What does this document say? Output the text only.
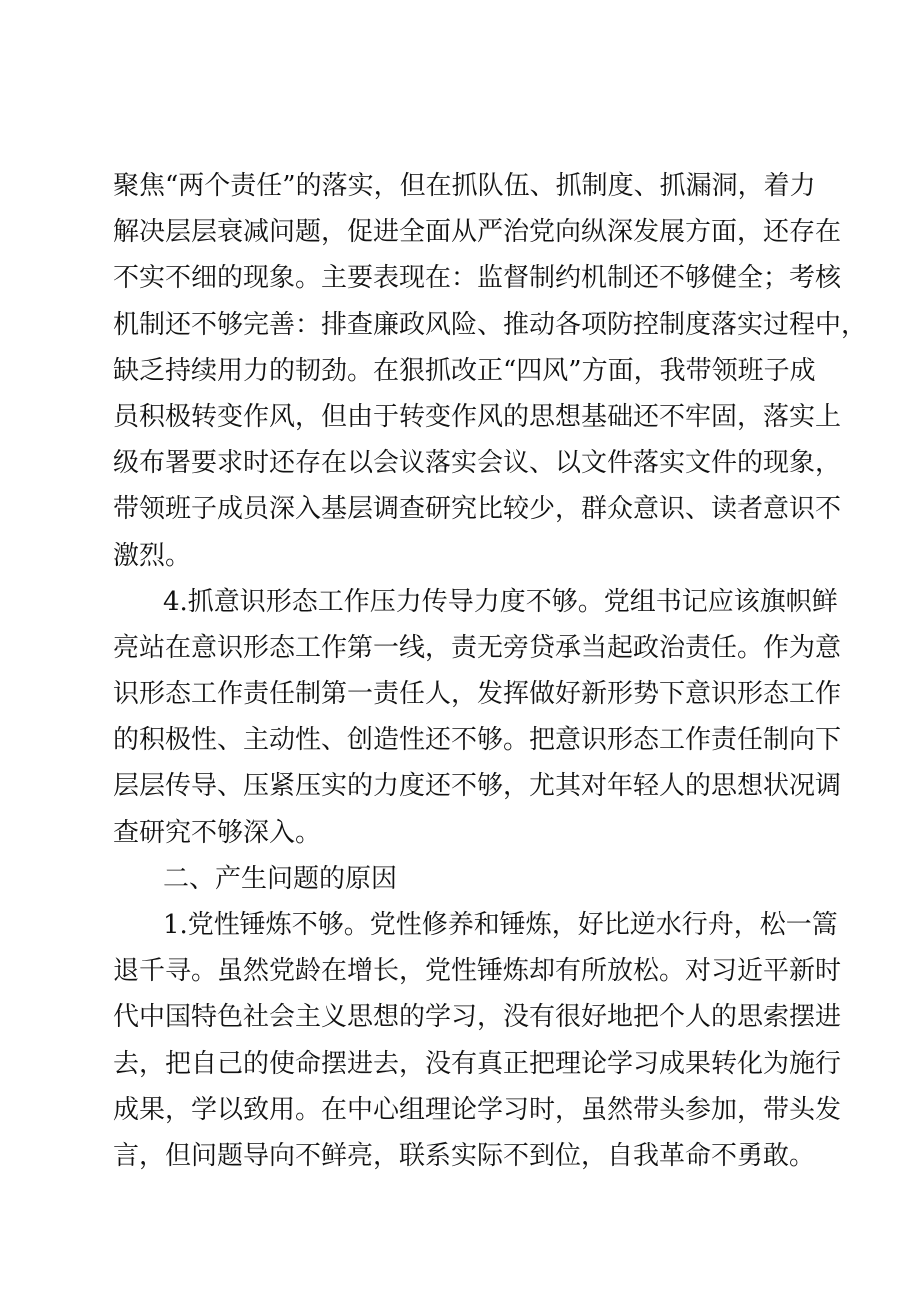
聚焦“两个责任”的落实，但在抓队伍、抓制度、抓漏洞，着力
解决层层衰减问题，促进全面从严治党向纵深发展方面，还存在
不实不细的现象。主要表现在：监督制约机制还不够健全；考核
机制还不够完善：排查廉政风险、推动各项防控制度落实过程中，
缺乏持续用力的韧劲。在狠抓改正“四风”方面，我带领班子成
员积极转变作风，但由于转变作风的思想基础还不牢固，落实上
级布署要求时还存在以会议落实会议、以文件落实文件的现象，
带领班子成员深入基层调查研究比较少，群众意识、读者意识不
激烈。
4.抓意识形态工作压力传导力度不够。党组书记应该旗帜鲜
亮站在意识形态工作第一线，责无旁贷承当起政治责任。作为意
识形态工作责任制第一责任人，发挥做好新形势下意识形态工作
的积极性、主动性、创造性还不够。把意识形态工作责任制向下
层层传导、压紧压实的力度还不够，尤其对年轻人的思想状况调
查研究不够深入。
二、产生问题的原因
1.党性锤炼不够。党性修养和锤炼，好比逆水行舟，松一篙
退千寻。虽然党龄在增长，党性锤炼却有所放松。对习近平新时
代中国特色社会主义思想的学习，没有很好地把个人的思索摆进
去，把自己的使命摆进去，没有真正把理论学习成果转化为施行
成果，学以致用。在中心组理论学习时，虽然带头参加，带头发
言，但问题导向不鲜亮，联系实际不到位，自我革命不勇敢。
